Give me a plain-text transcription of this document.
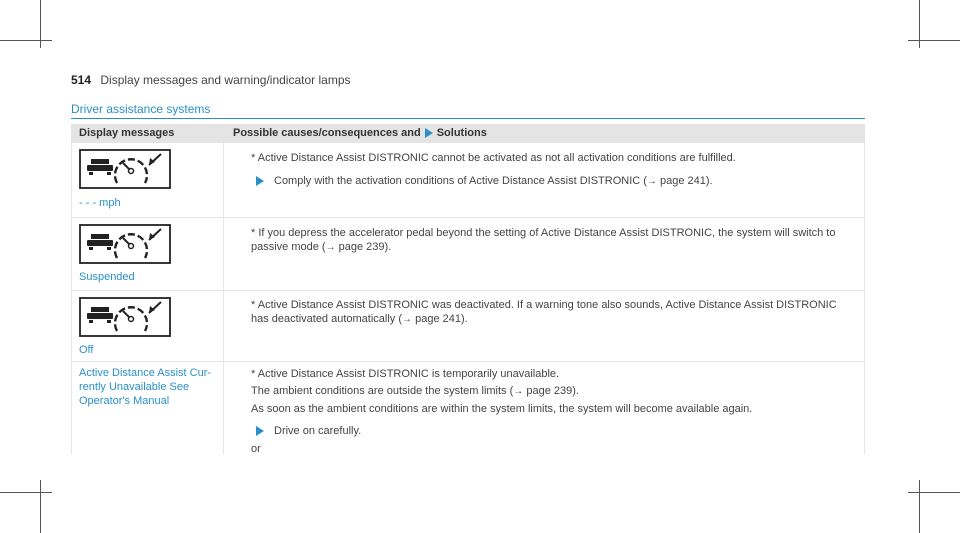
514 Display messages and warning/indicator lamps
Driver assistance systems
Display messages	Possible causes/consequences and Solutions
- - - mph
* Active Distance Assist DISTRONIC cannot be activated as not all activation conditions are fulfilled.
Comply with the activation conditions of Active Distance Assist DISTRONIC (→ page 241).
Suspended
* If you depress the accelerator pedal beyond the setting of Active Distance Assist DISTRONIC, the system will switch to
passive mode (→ page 239).
Off
* Active Distance Assist DISTRONIC was deactivated. If a warning tone also sounds, Active Distance Assist DISTRONIC
has deactivated automatically (→ page 241).
Active Distance Assist Cur-
rently Unavailable See
Operator's Manual
* Active Distance Assist DISTRONIC is temporarily unavailable.
The ambient conditions are outside the system limits (→ page 239).
As soon as the ambient conditions are within the system limits, the system will become available again.
Drive on carefully.
or
